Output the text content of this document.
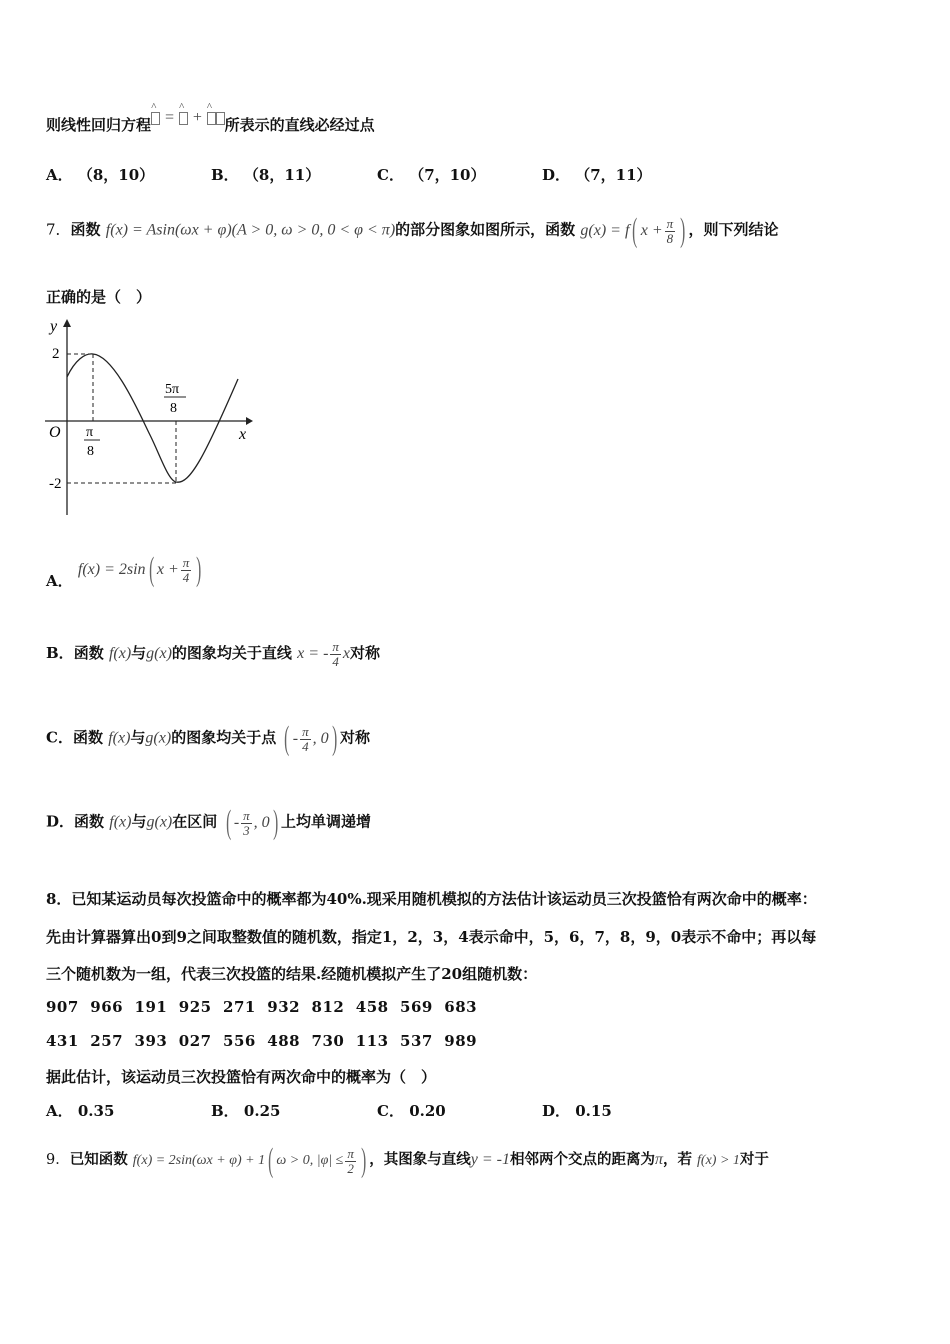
则线性回归方程^ = ^ + ^所表示的直线必经过点
A． （8，10）	B． （8，11）	C． （7，10）	D． （7，11）
7．函数 f(x) = Asin(ωx + φ)(A > 0, ω > 0, 0 < φ < π)的部分图象如图所示，函数 g(x) = f( $x + \frac{\pi}{8}$ ) ，则下列结论
正确的是（　）
y
x
O
2
-2
π
8
5π
8
A． f(x) = 2sin( $x + \frac{\pi}{4}$ )
B．函数 f(x)与g(x)的图象均关于直线 x = - $\frac{\pi}{4}$ x对称
C．函数 f(x)与g(x)的图象均关于点 ( - $\frac{\pi}{4}$ , 0) 对称
D．函数 f(x)与g(x)在区间 ( - $\frac{\pi}{3}$ , 0) 上均单调递增
8．已知某运动员每次投篮命中的概率都为40%.现采用随机模拟的方法估计该运动员三次投篮恰有两次命中的概率：
先由计算器算出0到9之间取整数值的随机数，指定1，2，3，4表示命中，5，6，7，8，9，0表示不命中；再以每
三个随机数为一组，代表三次投篮的结果.经随机模拟产生了20组随机数：
907  966  191  925  271  932  812  458  569  683
431  257  393  027  556  488  730  113  537  989
据此估计，该运动员三次投篮恰有两次命中的概率为（　）
A． 0.35	B． 0.25	C． 0.20	D． 0.15
9．已知函数 f(x) = 2sin(ωx + φ) + 1( ω > 0, $|\varphi| \le \frac{\pi}{2}$ ) ，其图象与直线y = -1相邻两个交点的距离为π，若 f(x) > 1对于
